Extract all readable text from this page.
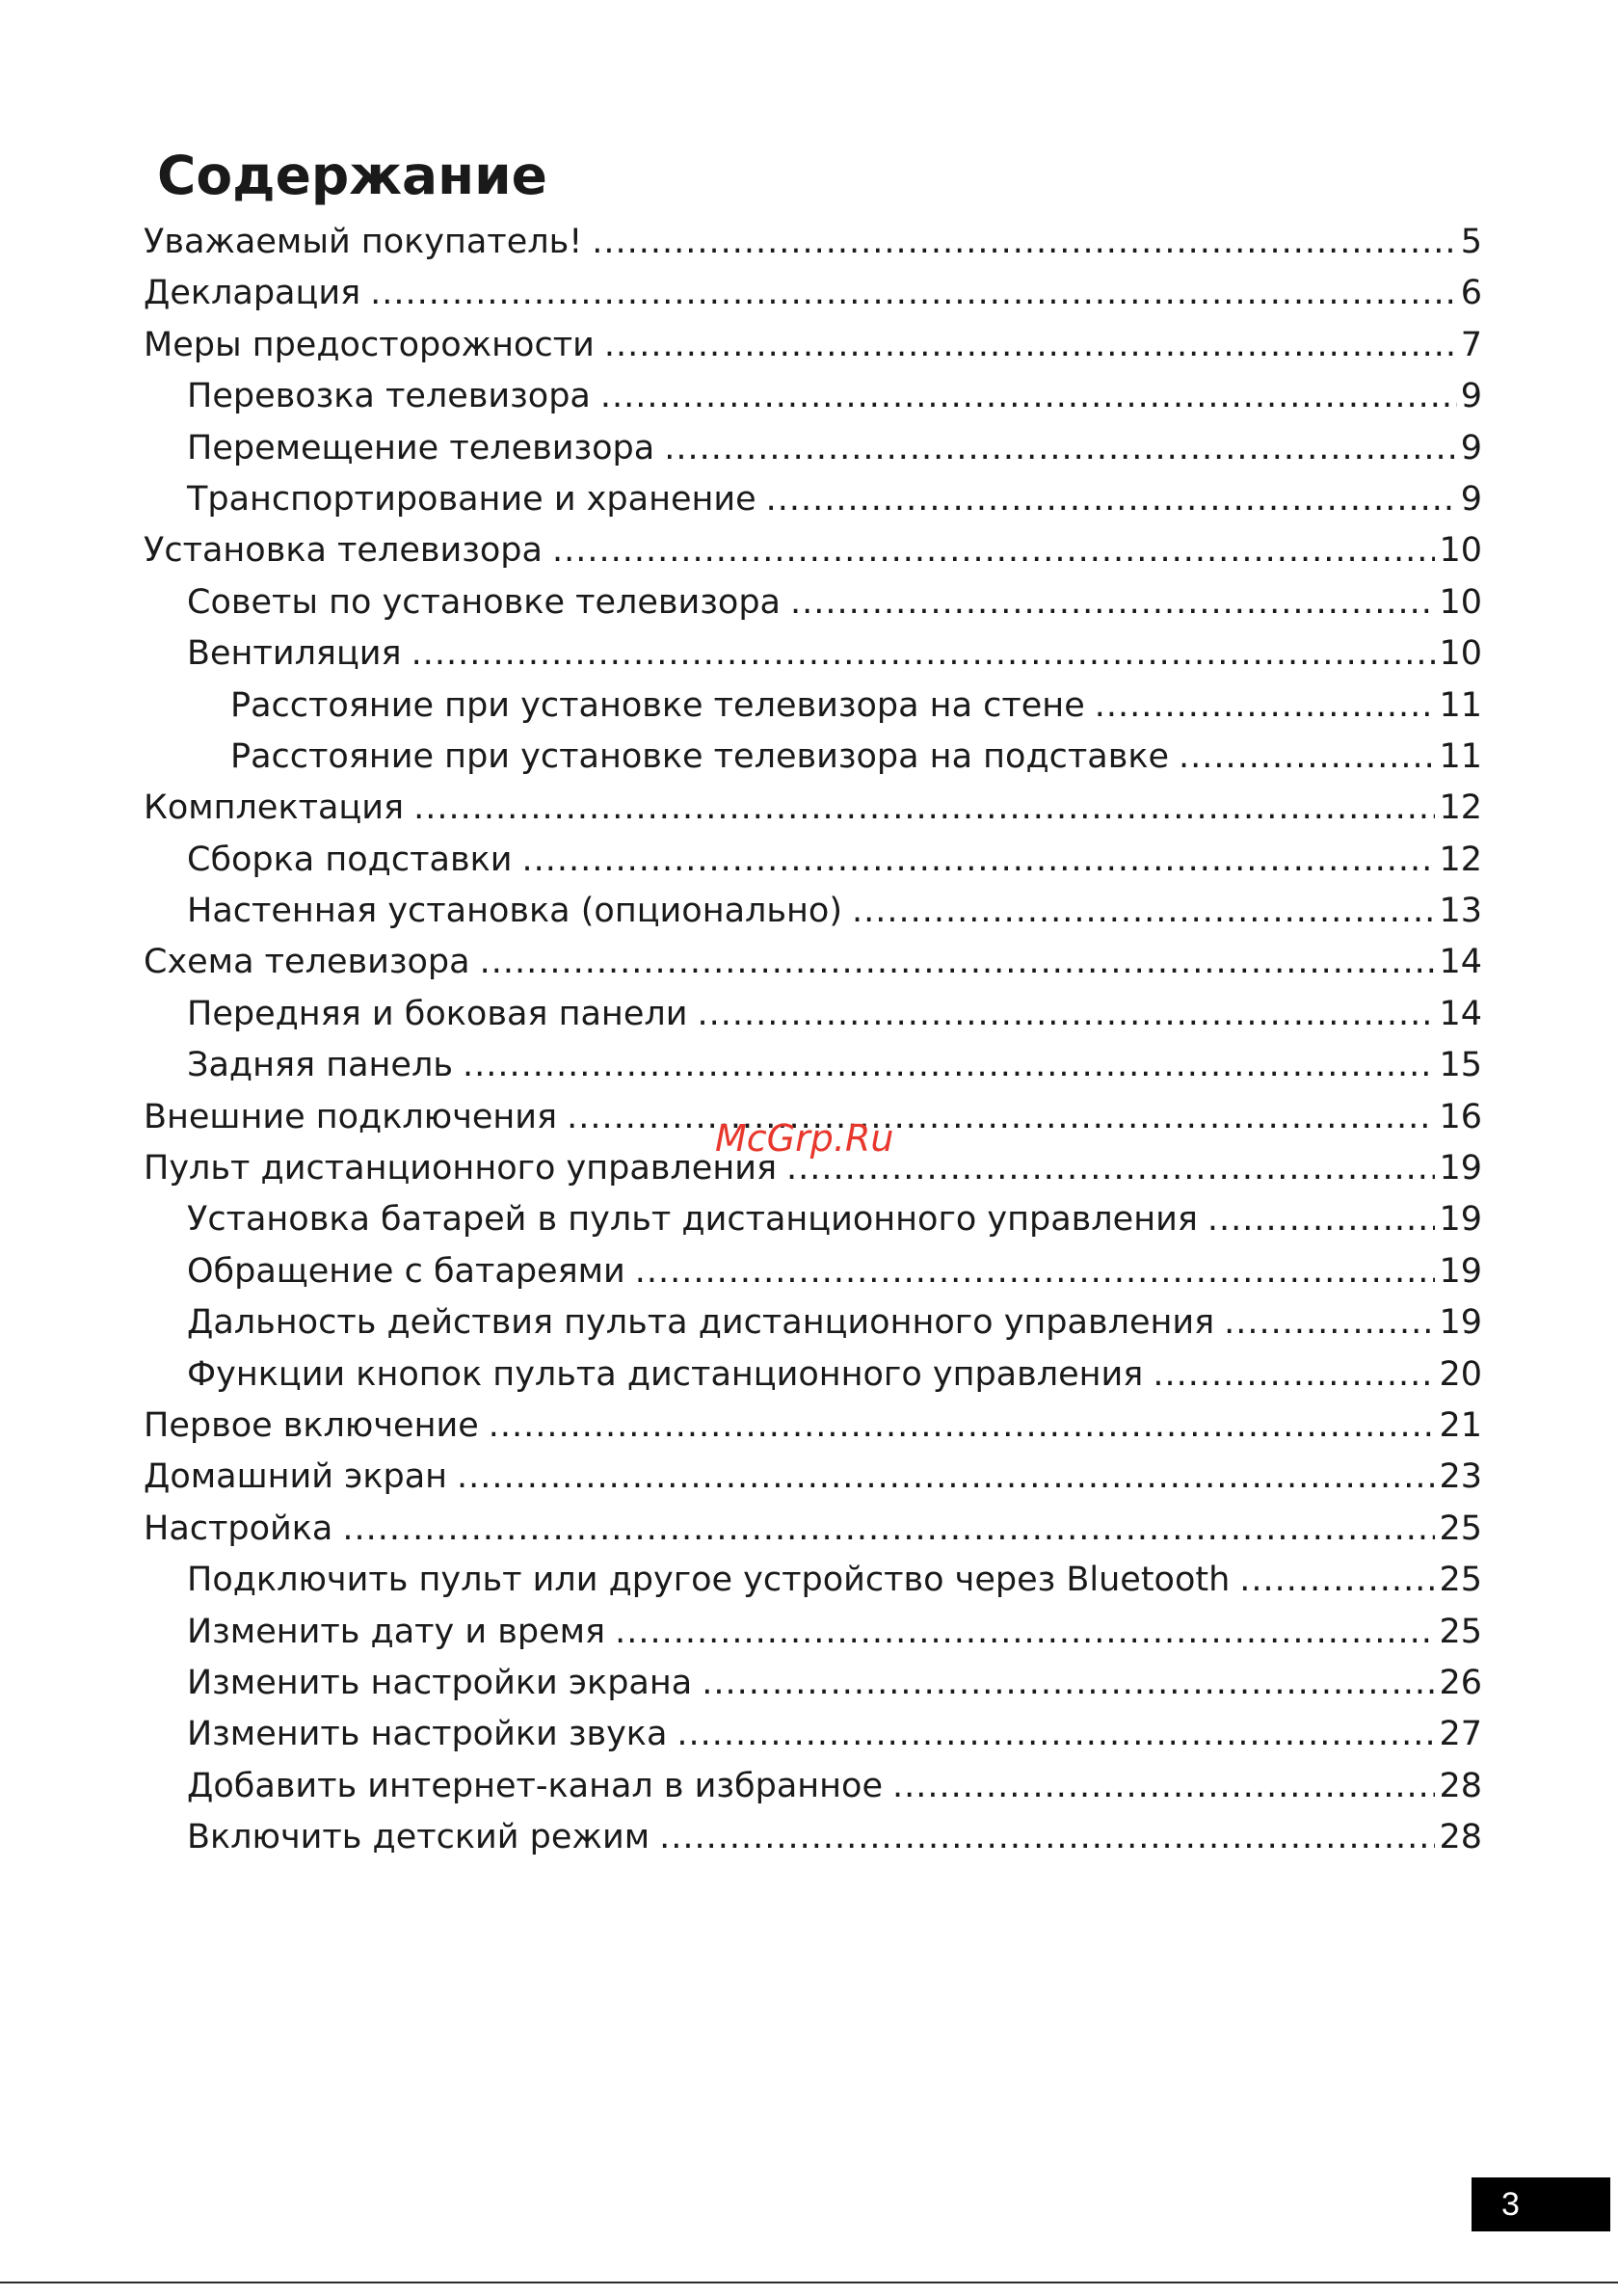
Содержание
Уважаемый покупатель! .....	5
Декларация .....	6
Меры предосторожности .....	7
Перевозка телевизора .....	9
Перемещение телевизора .....	9
Транспортирование и хранение .....	9
Установка телевизора .....	10
Советы по установке телевизора .....	10
Вентиляция .....	10
Расстояние при установке телевизора на стене .....	11
Расстояние при установке телевизора на подставке .....	11
Комплектация .....	12
Сборка подставки .....	12
Настенная установка (опционально) .....	13
Схема телевизора .....	14
Передняя и боковая панели .....	14
Задняя панель .....	15
Внешние подключения .....	16
Пульт дистанционного управления .....	19
Установка батарей в пульт дистанционного управления .....	19
Обращение с батареями .....	19
Дальность действия пульта дистанционного управления .....	19
Функции кнопок пульта дистанционного управления .....	20
Первое включение .....	21
Домашний экран .....	23
Настройка .....	25
Подключить пульт или другое устройство через Bluetooth .....	25
Изменить дату и время .....	25
Изменить настройки экрана .....	26
Изменить настройки звука .....	27
Добавить интернет-канал в избранное .....	28
Включить детский режим .....	28
McGrp.Ru
3
